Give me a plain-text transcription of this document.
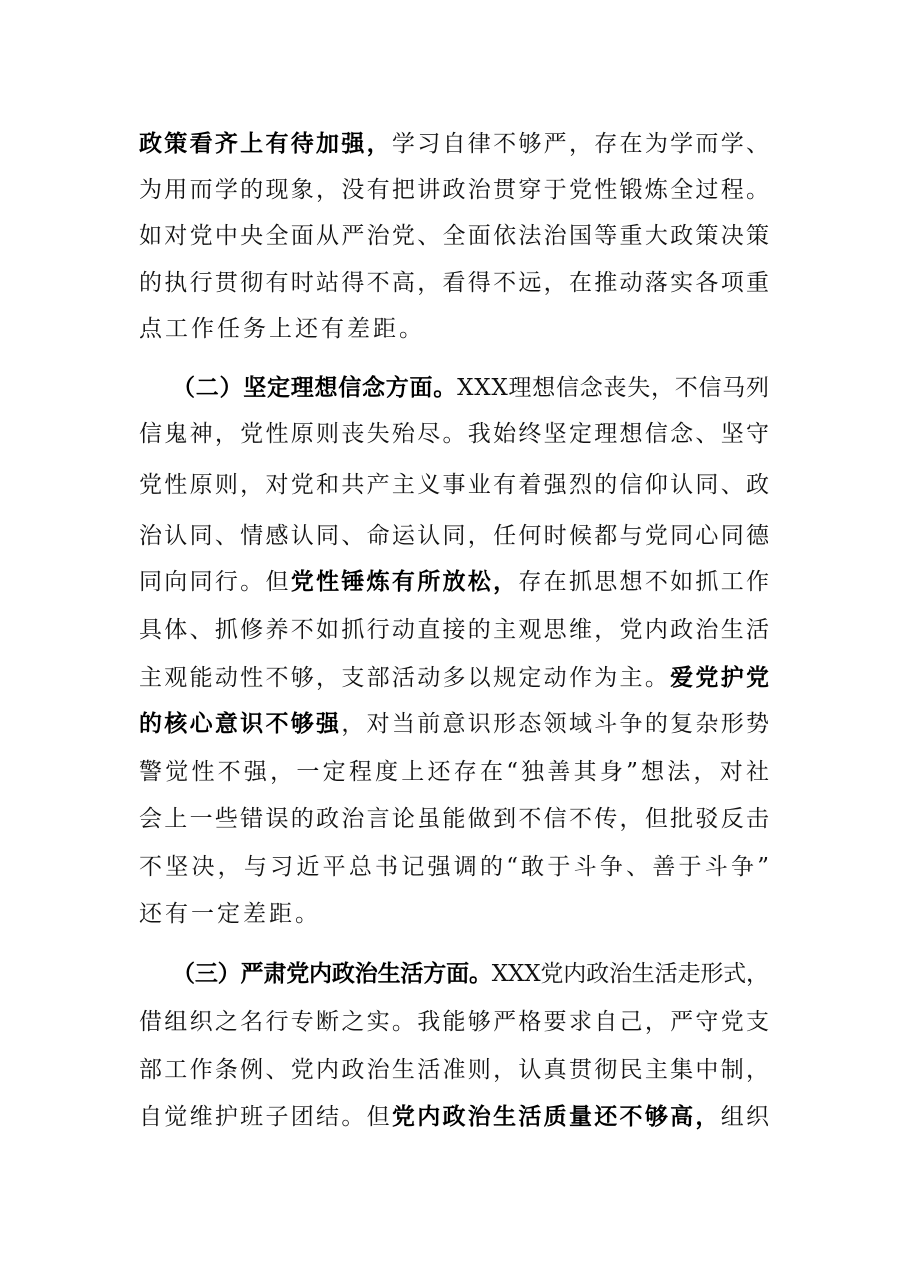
政策看齐上有待加强，学习自律不够严，存在为学而学、
为用而学的现象，没有把讲政治贯穿于党性锻炼全过程。
如对党中央全面从严治党、全面依法治国等重大政策决策
的执行贯彻有时站得不高，看得不远，在推动落实各项重
点工作任务上还有差距。
（二）坚定理想信念方面。XXX理想信念丧失，不信马列
信鬼神，党性原则丧失殆尽。我始终坚定理想信念、坚守
党性原则，对党和共产主义事业有着强烈的信仰认同、政
治认同、情感认同、命运认同，任何时候都与党同心同德
同向同行。但党性锤炼有所放松，存在抓思想不如抓工作
具体、抓修养不如抓行动直接的主观思维，党内政治生活
主观能动性不够，支部活动多以规定动作为主。爱党护党
的核心意识不够强，对当前意识形态领域斗争的复杂形势
警觉性不强，一定程度上还存在“独善其身”想法，对社
会上一些错误的政治言论虽能做到不信不传，但批驳反击
不坚决，与习近平总书记强调的“敢于斗争、善于斗争”
还有一定差距。
（三）严肃党内政治生活方面。XXX党内政治生活走形式，
借组织之名行专断之实。我能够严格要求自己，严守党支
部工作条例、党内政治生活准则，认真贯彻民主集中制，
自觉维护班子团结。但党内政治生活质量还不够高，组织
